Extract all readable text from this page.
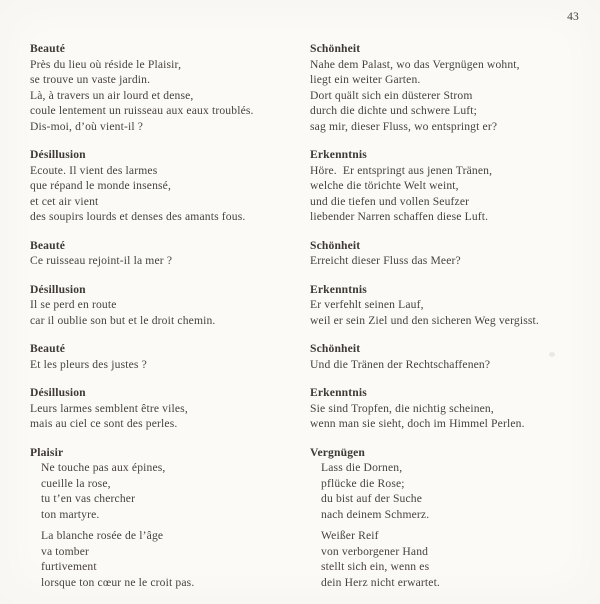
43
Beauté
Près du lieu où réside le Plaisir,
se trouve un vaste jardin.
Là, à travers un air lourd et dense,
coule lentement un ruisseau aux eaux troublés.
Dis-moi, d’où vient-il ?
Désillusion
Ecoute. Il vient des larmes
que répand le monde insensé,
et cet air vient
des soupirs lourds et denses des amants fous.
Beauté
Ce ruisseau rejoint-il la mer ?
Désillusion
Il se perd en route
car il oublie son but et le droit chemin.
Beauté
Et les pleurs des justes ?
Désillusion
Leurs larmes semblent être viles,
mais au ciel ce sont des perles.
Plaisir
Ne touche pas aux épines,
cueille la rose,
tu t’en vas chercher
ton martyre.
La blanche rosée de l’âge
va tomber
furtivement
lorsque ton cœur ne le croit pas.
Schönheit
Nahe dem Palast, wo das Vergnügen wohnt,
liegt ein weiter Garten.
Dort quält sich ein düsterer Strom
durch die dichte und schwere Luft;
sag mir, dieser Fluss, wo entspringt er?
Erkenntnis
Höre.  Er entspringt aus jenen Tränen,
welche die törichte Welt weint,
und die tiefen und vollen Seufzer
liebender Narren schaffen diese Luft.
Schönheit
Erreicht dieser Fluss das Meer?
Erkenntnis
Er verfehlt seinen Lauf,
weil er sein Ziel und den sicheren Weg vergisst.
Schönheit
Und die Tränen der Rechtschaffenen?
Erkenntnis
Sie sind Tropfen, die nichtig scheinen,
wenn man sie sieht, doch im Himmel Perlen.
Vergnügen
Lass die Dornen,
pflücke die Rose;
du bist auf der Suche
nach deinem Schmerz.
Weißer Reif
von verborgener Hand
stellt sich ein, wenn es
dein Herz nicht erwartet.
